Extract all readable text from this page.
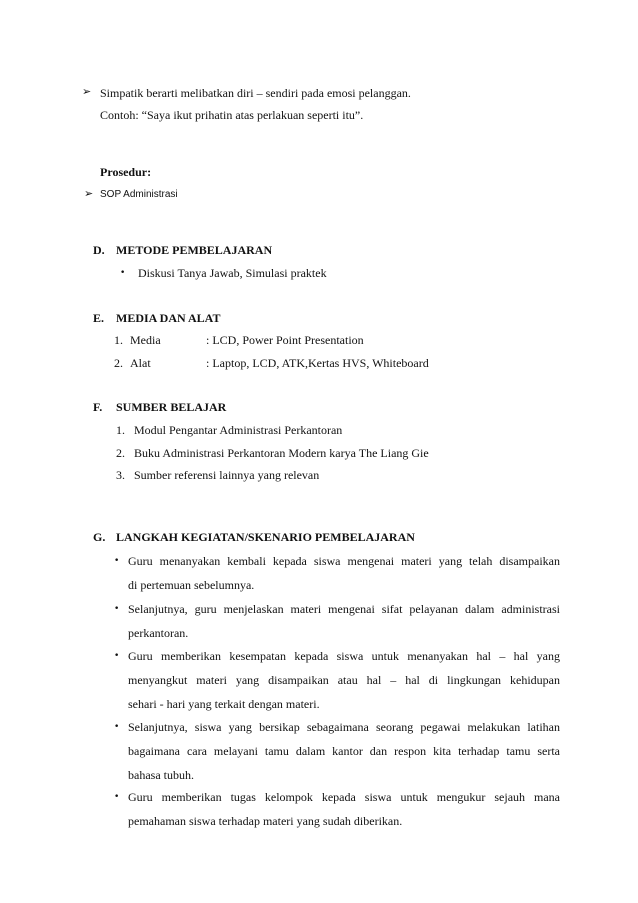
➢ Simpatik berarti melibatkan diri – sendiri pada emosi pelanggan.
Contoh: “Saya ikut prihatin atas perlakuan seperti itu”.
Prosedur:
➢ SOP Administrasi
D. METODE PEMBELAJARAN
• Diskusi Tanya Jawab, Simulasi praktek
E. MEDIA DAN ALAT
1. Media	: LCD, Power Point Presentation
2. Alat	: Laptop, LCD, ATK,Kertas HVS, Whiteboard
F. SUMBER BELAJAR
1. Modul Pengantar Administrasi Perkantoran
2. Buku Administrasi Perkantoran Modern karya The Liang Gie
3. Sumber referensi lainnya yang relevan
G. LANGKAH KEGIATAN/SKENARIO PEMBELAJARAN
• Guru menanyakan kembali kepada siswa mengenai materi yang telah disampaikan
di pertemuan sebelumnya.
• Selanjutnya, guru menjelaskan materi mengenai sifat pelayanan dalam administrasi
perkantoran.
• Guru memberikan kesempatan kepada siswa untuk menanyakan hal – hal yang
menyangkut materi yang disampaikan atau hal – hal di lingkungan kehidupan
sehari - hari yang terkait dengan materi.
• Selanjutnya, siswa yang bersikap sebagaimana seorang pegawai melakukan latihan
bagaimana cara melayani tamu dalam kantor dan respon kita terhadap tamu serta
bahasa tubuh.
• Guru memberikan tugas kelompok kepada siswa untuk mengukur sejauh mana
pemahaman siswa terhadap materi yang sudah diberikan.
